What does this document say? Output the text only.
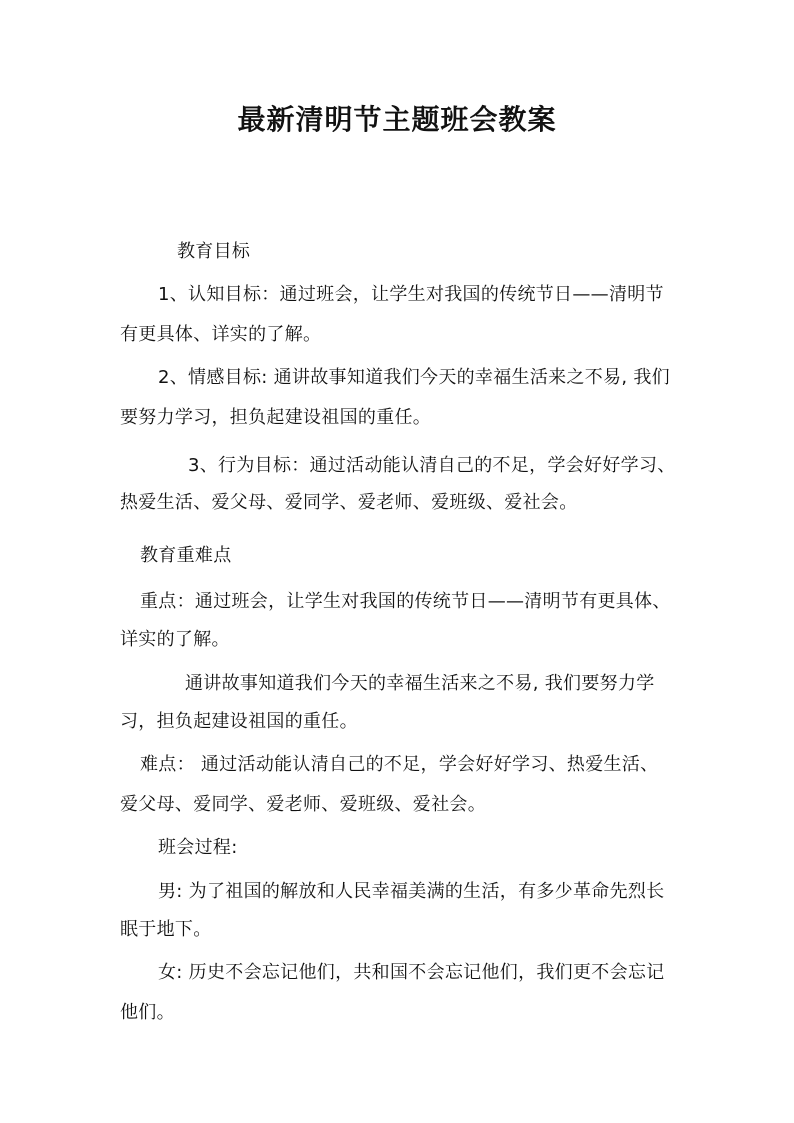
最新清明节主题班会教案
教育目标
1、认知目标：通过班会，让学生对我国的传统节日——清明节
有更具体、详实的了解。
2、情感目标: 通讲故事知道我们今天的幸福生活来之不易, 我们
要努力学习，担负起建设祖国的重任。
3、行为目标：通过活动能认清自己的不足，学会好好学习、
热爱生活、爱父母、爱同学、爱老师、爱班级、爱社会。
教育重难点
重点：通过班会，让学生对我国的传统节日——清明节有更具体、
详实的了解。
通讲故事知道我们今天的幸福生活来之不易, 我们要努力学
习，担负起建设祖国的重任。
难点： 通过活动能认清自己的不足，学会好好学习、热爱生活、
爱父母、爱同学、爱老师、爱班级、爱社会。
班会过程:
男: 为了祖国的解放和人民幸福美满的生活，有多少革命先烈长
眠于地下。
女: 历史不会忘记他们，共和国不会忘记他们，我们更不会忘记
他们。
